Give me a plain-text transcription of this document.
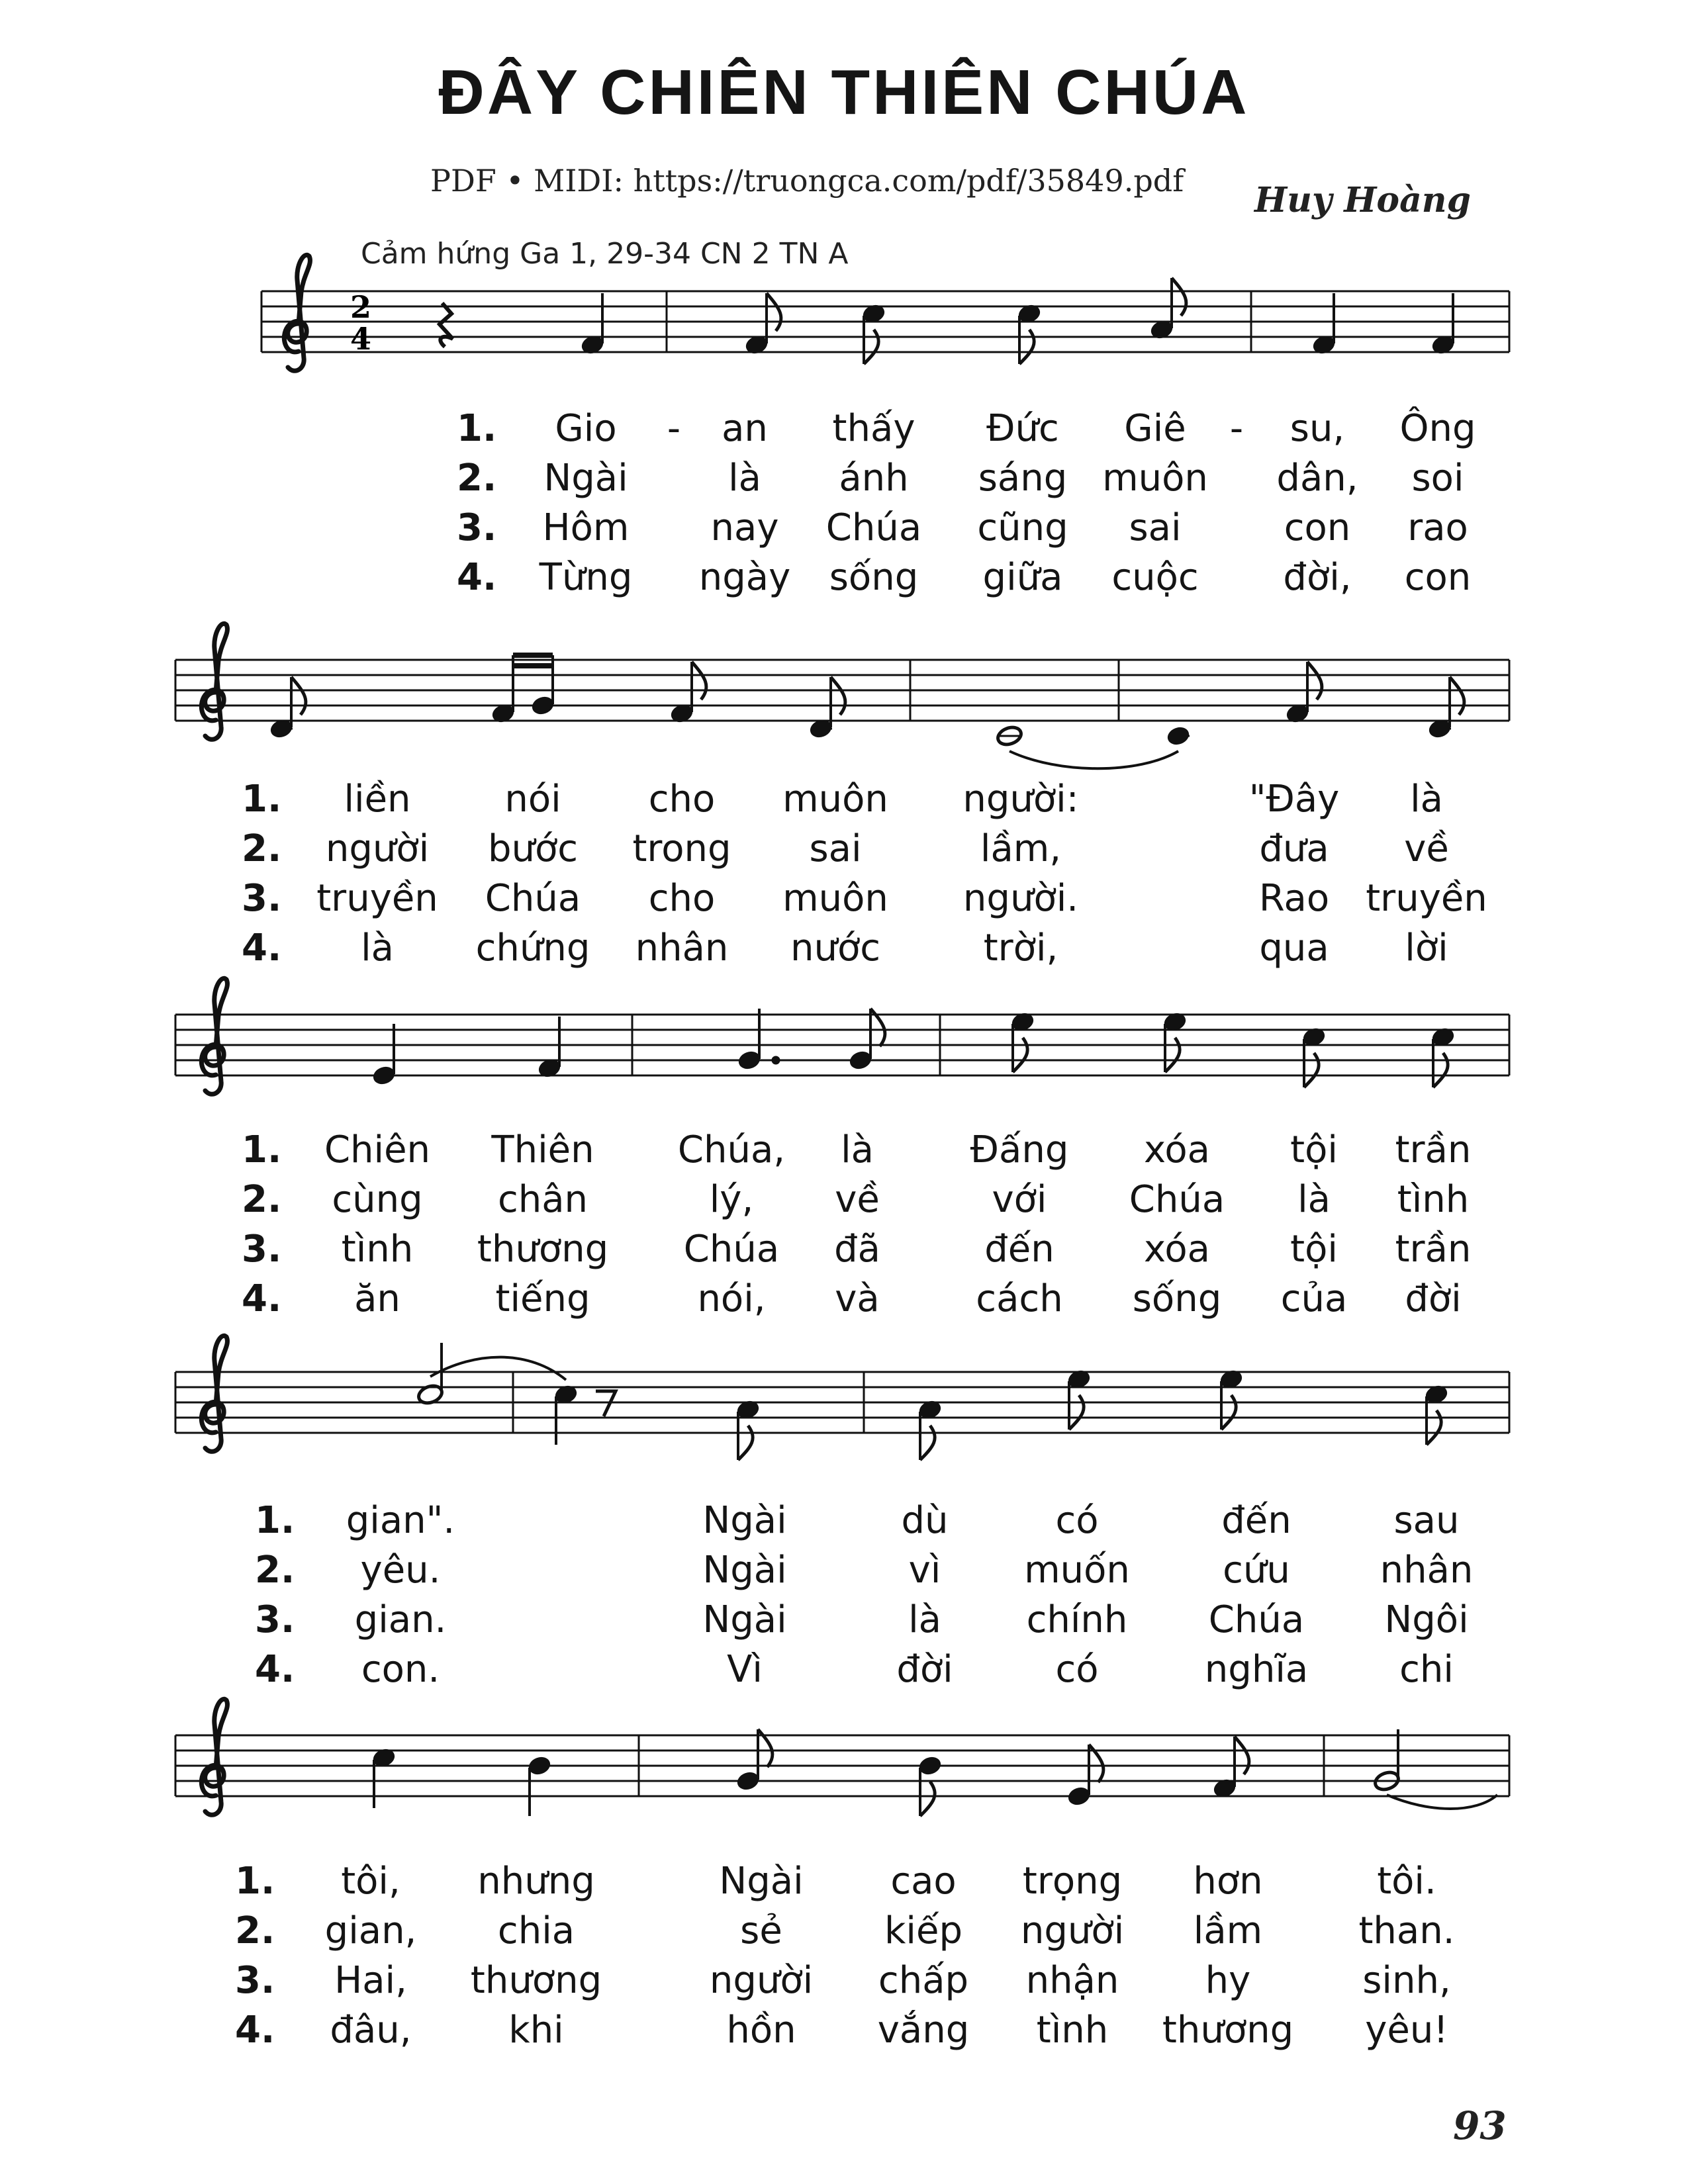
ĐÂY CHIÊN THIÊN CHÚA
PDF • MIDI: https://truongca.com/pdf/35849.pdf Huy Hoàng
Cảm hứng Ga 1, 29-34 CN 2 TN A
93
2
4
1. Gio - an thấy Đức Giê - su, Ông
2. Ngài	là ánh sáng muôn dân, soi
3. Hôm nay Chúa cũng sai	con rao
4. Từng ngày sống giữa cuộc đời, con
1. liền	nói cho muôn người:	"Đây là
2. người bước trong sai	lầm,	đưa về
3. truyền Chúa cho muôn người.	Rao truyền
4. là chứng nhân nước	trời,	qua lời
1. Chiên Thiên Chúa, là	Đấng xóa tội trần
2. cùng chân	lý, về	với Chúa là tình
3. tình thương Chúa đã	đến xóa tội trần
4. ăn	tiếng	nói, và	cách sống của đời
1. gian".	Ngài	dù	có	đến	sau
2. yêu.	Ngài	vì muốn	cứu nhân
3. gian.	Ngài	là chính Chúa Ngôi
4. con.	Vì	đời	có	nghĩa chi
1. tôi, nhưng	Ngài cao trọng hơn	tôi.
2. gian, chia	sẻ	kiếp người lầm	than.
3. Hai, thương	người chấp nhận hy	sinh,
4. đâu,	khi	hồn vắng tình thương yêu!
